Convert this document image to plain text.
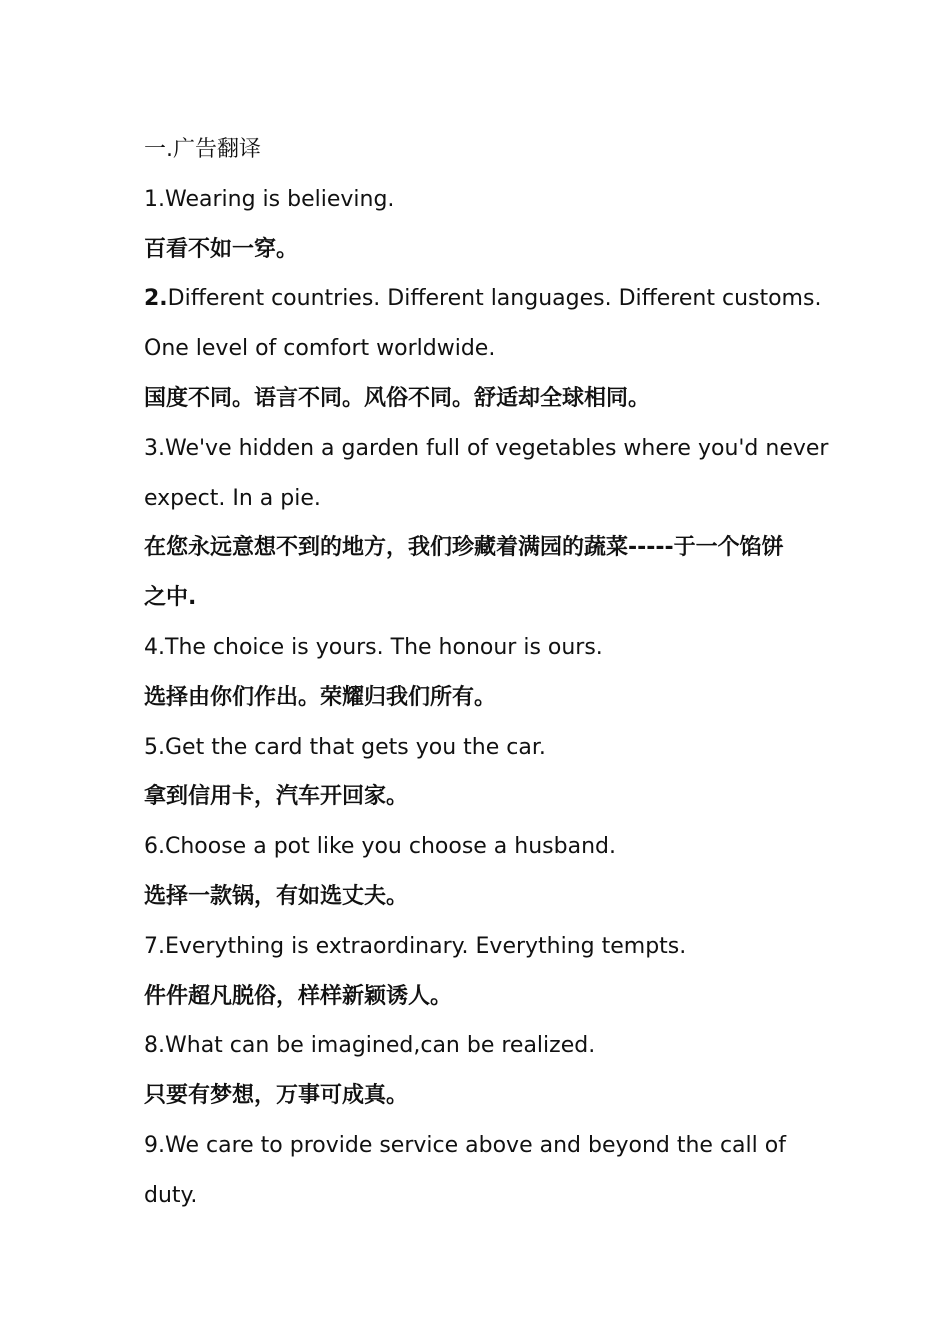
一.广告翻译
1.Wearing is believing.
百看不如一穿。
2.Different countries. Different languages. Different customs.
One level of comfort worldwide.
国度不同。语言不同。风俗不同。舒适却全球相同。
3.We've hidden a garden full of vegetables where you'd never
expect. In a pie.
在您永远意想不到的地方，我们珍藏着满园的蔬菜-----于一个馅饼
之中.
4.The choice is yours. The honour is ours.
选择由你们作出。荣耀归我们所有。
5.Get the card that gets you the car.
拿到信用卡，汽车开回家。
6.Choose a pot like you choose a husband.
选择一款锅，有如选丈夫。
7.Everything is extraordinary. Everything tempts.
件件超凡脱俗，样样新颖诱人。
8.What can be imagined,can be realized.
只要有梦想，万事可成真。
9.We care to provide service above and beyond the call of
duty.
